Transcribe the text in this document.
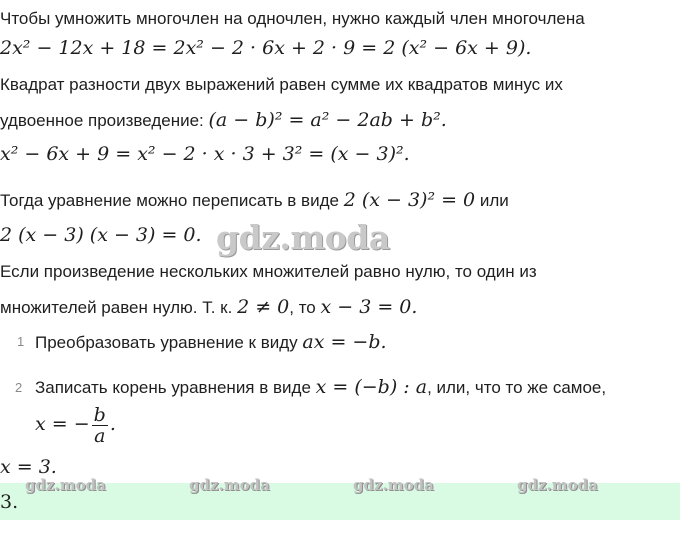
Чтобы умножить многочлен на одночлен, нужно каждый член многочлена
2x² − 12x + 18 = 2x² − 2 · 6x + 2 · 9 = 2 (x² − 6x + 9).
Квадрат разности двух выражений равен сумме их квадратов минус их
удвоенное произведение: (a − b)² = a² − 2ab + b².
x² − 6x + 9 = x² − 2 · x · 3 + 3² = (x − 3)².
Тогда уравнение можно переписать в виде 2 (x − 3)² = 0 или
2 (x − 3) (x − 3) = 0. gdz.moda
Если произведение нескольких множителей равно нулю, то один из
множителей равен нулю. Т. к. 2 ≠ 0, то x − 3 = 0.
1 Преобразовать уравнение к виду ax = −b.
2 Записать корень уравнения в виде x = (−b) : a, или, что то же самое,
x = − $\frac{b}{a}$ .
x = 3.
3.
gdz.moda	gdz.moda	gdz.moda	gdz.moda
